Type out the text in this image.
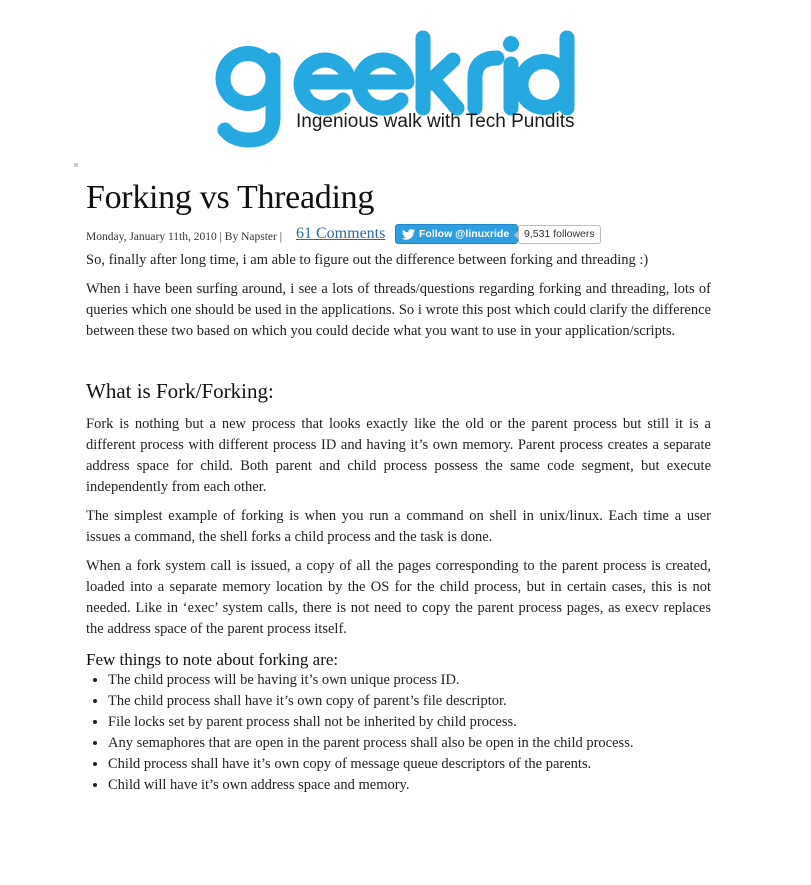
Ingenious walk with Tech Pundits
Forking vs Threading
Monday, January 11th, 2010 | By Napster | 61 Comments	Follow @linuxride	9,531 followers

So, finally after long time, i am able to figure out the difference between forking and threading :)

When i have been surfing around, i see a lots of threads/questions regarding forking and threading, lots of queries which one should be used in the applications. So i wrote this post which could clarify the difference between these two based on which you could decide what you want to use in your application/scripts.

What is Fork/Forking:

Fork is nothing but a new process that looks exactly like the old or the parent process but still it is a different process with different process ID and having it’s own memory. Parent process creates a separate address space for child. Both parent and child process possess the same code segment, but execute independently from each other.

The simplest example of forking is when you run a command on shell in unix/linux. Each time a user issues a command, the shell forks a child process and the task is done.

When a fork system call is issued, a copy of all the pages corresponding to the parent process is created, loaded into a separate memory location by the OS for the child process, but in certain cases, this is not needed. Like in ‘exec’ system calls, there is not need to copy the parent process pages, as execv replaces the address space of the parent process itself.

Few things to note about forking are:
• The child process will be having it’s own unique process ID.
• The child process shall have it’s own copy of parent’s file descriptor.
• File locks set by parent process shall not be inherited by child process.
• Any semaphores that are open in the parent process shall also be open in the child process.
• Child process shall have it’s own copy of message queue descriptors of the parents.
• Child will have it’s own address space and memory.
